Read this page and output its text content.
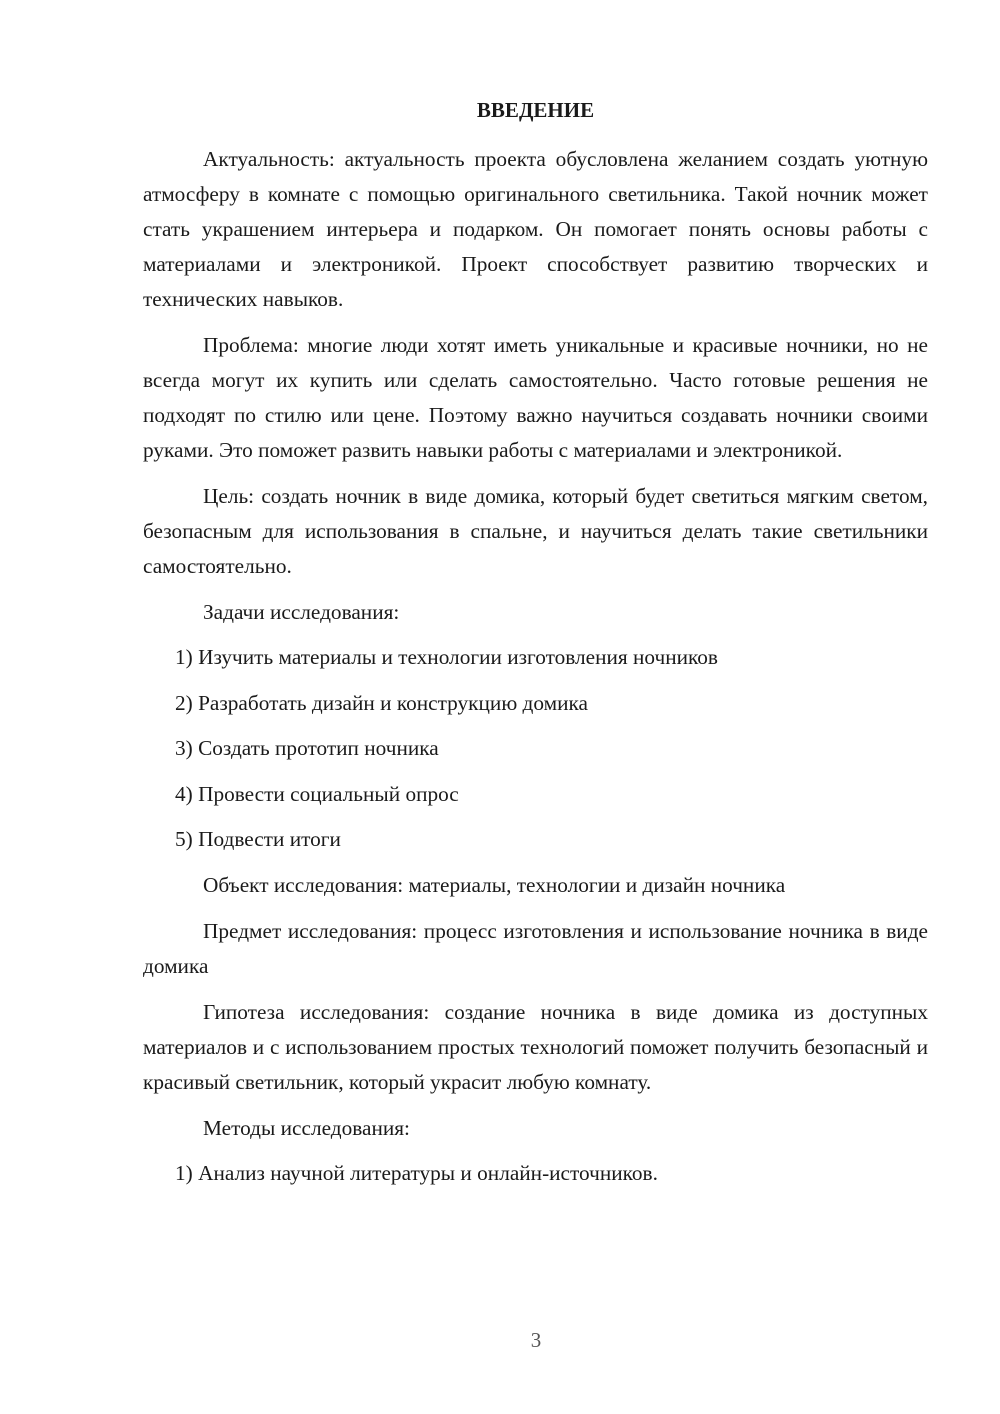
ВВЕДЕНИЕ

Актуальность: актуальность проекта обусловлена желанием создать уютную атмосферу в комнате с помощью оригинального светильника. Такой ночник может стать украшением интерьера и подарком. Он помогает понять основы работы с материалами и электроникой. Проект способствует развитию творческих и технических навыков.

Проблема: многие люди хотят иметь уникальные и красивые ночники, но не всегда могут их купить или сделать самостоятельно. Часто готовые решения не подходят по стилю или цене. Поэтому важно научиться создавать ночники своими руками. Это поможет развить навыки работы с материалами и электроникой.

Цель: создать ночник в виде домика, который будет светиться мягким светом, безопасным для использования в спальне, и научиться делать такие светильники самостоятельно.

Задачи исследования:

1) Изучить материалы и технологии изготовления ночников
2) Разработать дизайн и конструкцию домика
3) Создать прототип ночника
4) Провести социальный опрос
5) Подвести итоги

Объект исследования: материалы, технологии и дизайн ночника

Предмет исследования: процесс изготовления и использование ночника в виде домика

Гипотеза исследования: создание ночника в виде домика из доступных материалов и с использованием простых технологий поможет получить безопасный и красивый светильник, который украсит любую комнату.

Методы исследования:

1) Анализ научной литературы и онлайн-источников.
3
